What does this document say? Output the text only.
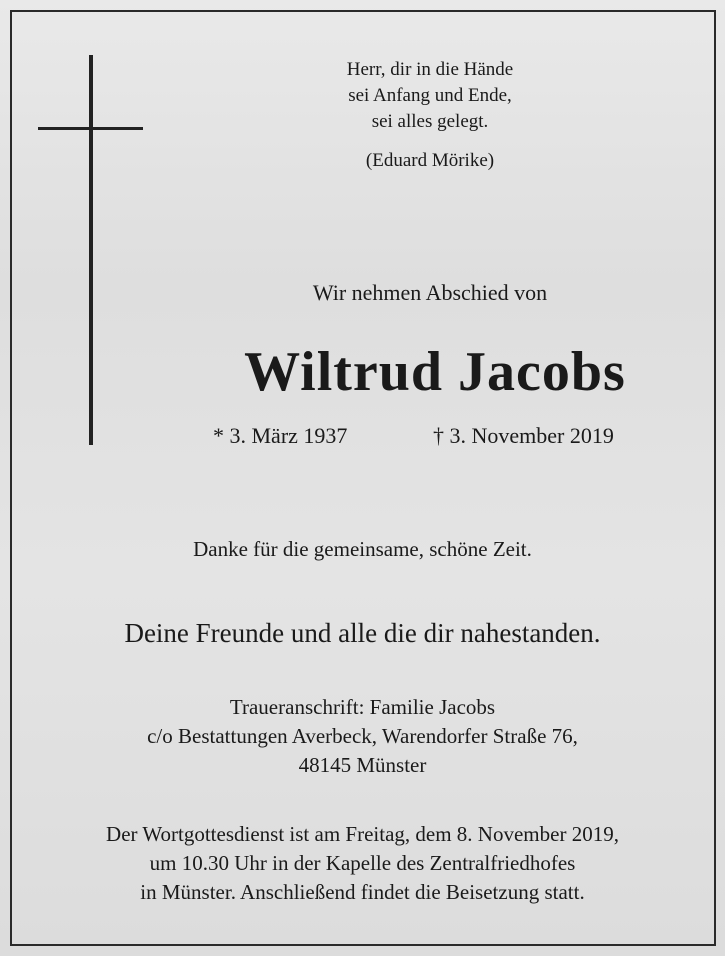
Herr, dir in die Hände
sei Anfang und Ende,
sei alles gelegt.
(Eduard Mörike)
Wir nehmen Abschied von
Wiltrud Jacobs
* 3. März 1937	† 3. November 2019
Danke für die gemeinsame, schöne Zeit.
Deine Freunde und alle die dir nahestanden.
Traueranschrift: Familie Jacobs
c/o Bestattungen Averbeck, Warendorfer Straße 76,
48145 Münster
Der Wortgottesdienst ist am Freitag, dem 8. November 2019,
um 10.30 Uhr in der Kapelle des Zentralfriedhofes
in Münster. Anschließend findet die Beisetzung statt.
